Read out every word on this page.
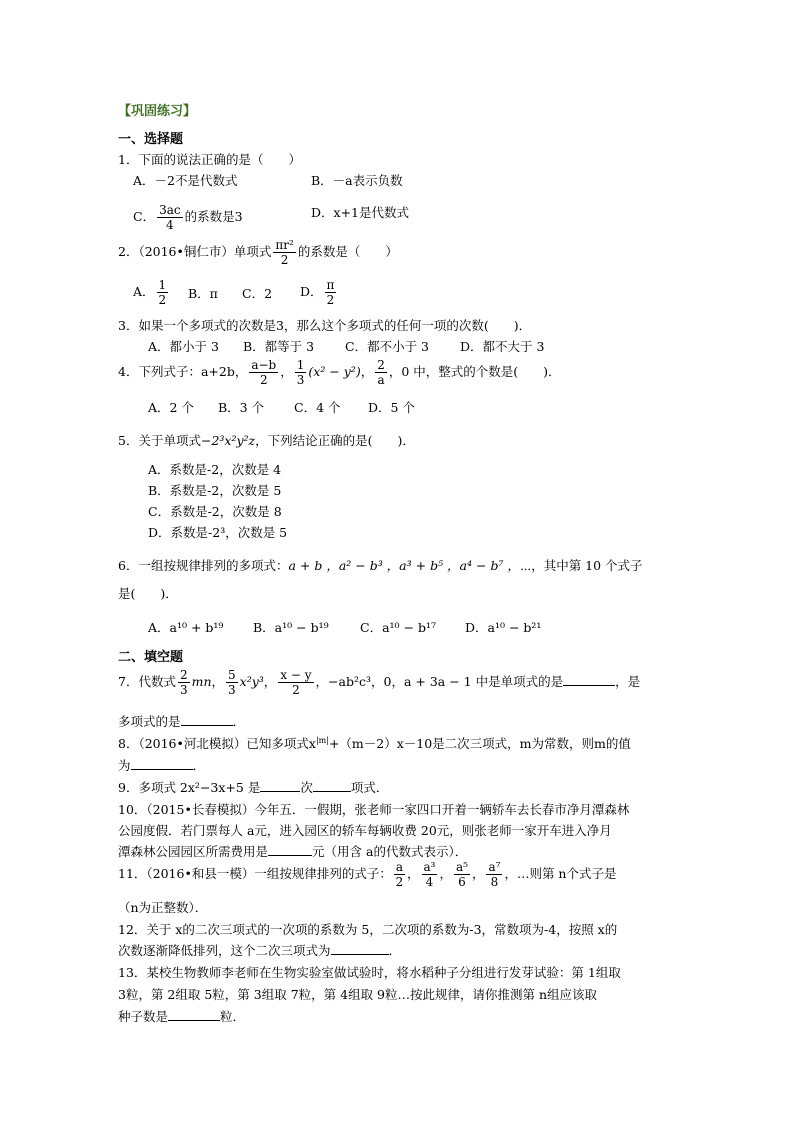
【巩固练习】
一、选择题
1．下面的说法正确的是（　　）
A．－2不是代数式	B．－a表示负数
C． $\frac{3ac}{4}$ 的系数是3	D．x+1是代数式
2．（2016•铜仁市）单项式 $\frac{\text{πr²}}{2}$ 的系数是（　　）
A． $\frac{1}{2}$ B．π C．2 D． $\frac{\pi}{2}$
3．如果一个多项式的次数是3，那么这个多项式的任何一项的次数(　　)．
A．都小于 3 B．都等于 3 C．都不小于 3 D．都不大于 3
4．下列式子：a+2b， $\frac{a-b}{2}$ ， $\frac{1}{3} (x^2 - y^2)$， $\frac{2}{a}$ ，0 中，整式的个数是(　　)．
A．2 个 B．3 个 C．4 个 D．5 个
5．关于单项式−2³x²y²z，下列结论正确的是(　　)．
A．系数是-2，次数是 4
B．系数是-2，次数是 5
C．系数是-2，次数是 8
D．系数是-2³，次数是 5
6．一组按规律排列的多项式：a + b ，a² − b³ ，a³ + b⁵ ，a⁴ − b⁷ ，⋯，其中第 10 个式子
是(　　)．
A．a¹⁰ + b¹⁹ B．a¹⁰ − b¹⁹	C．a¹⁰ − b¹⁷ D．a¹⁰ − b²¹
二、填空题
7．代数式 $\frac{2}{3}$ mn， $\frac{5}{3} x^2y^3$， $\frac{x - y}{2}$ ，−ab²c³，0，a + 3a − 1 中是单项式的是	，是
多项式的是	．
8．（2016•河北模拟）已知多项式$x^{|m|}+(m-2)x-10$是二次三项式，m为常数，则m的值
为	．
9．多项式 2x²−3x+5 是	次	项式．
10．（2015•长春模拟）今年五．一假期，张老师一家四口开着一辆轿车去长春市净月潭森林
公园度假．若门票每人 a元，进入园区的轿车每辆收费 20元，则张老师一家开车进入净月
潭森林公园园区所需费用是	元（用含 a的代数式表示）．
11．（2016•和县一模）一组按规律排列的式子： $\frac{a}{2}$ ， $\frac{\text{a³}}{4}$ ， $\frac{\text{a⁵}}{6}$ ， $\frac{\text{a⁷}}{8}$ ，…则第 n个式子是
（n为正整数）．
12．关于 x的二次三项式的一次项的系数为 5，二次项的系数为-3，常数项为-4，按照 x的
次数逐渐降低排列，这个二次三项式为	．
13．某校生物教师李老师在生物实验室做试验时，将水稻种子分组进行发芽试验：第 1组取
3粒，第 2组取 5粒，第 3组取 7粒，第 4组取 9粒…按此规律，请你推测第 n组应该取
种子数是	粒．
